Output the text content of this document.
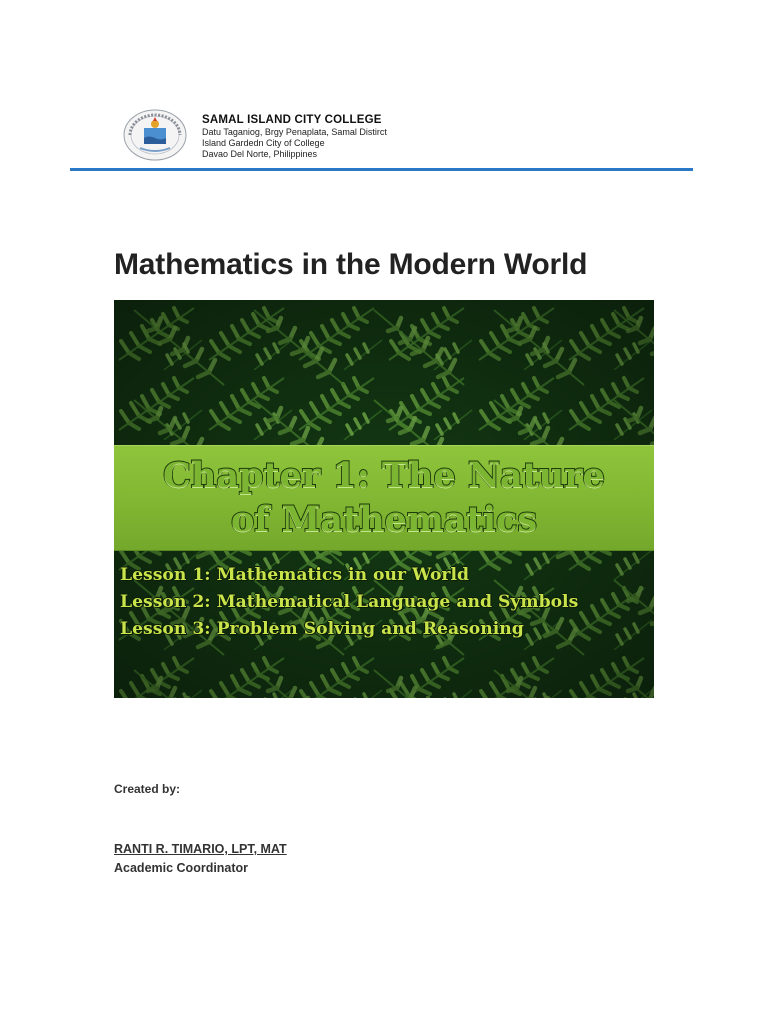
SAMAL ISLAND CITY COLLEGE
Datu Taganiog, Brgy Penaplata, Samal Distirct
Island Gardedn City of College
Davao Del Norte, Philippines
Mathematics in the Modern World
Chapter 1: The Nature
of Mathematics
Lesson 1: Mathematics in our World
Lesson 2: Mathematical Language and Symbols
Lesson 3: Problem Solving and Reasoning
Created by:
RANTI R. TIMARIO, LPT, MAT
Academic Coordinator
